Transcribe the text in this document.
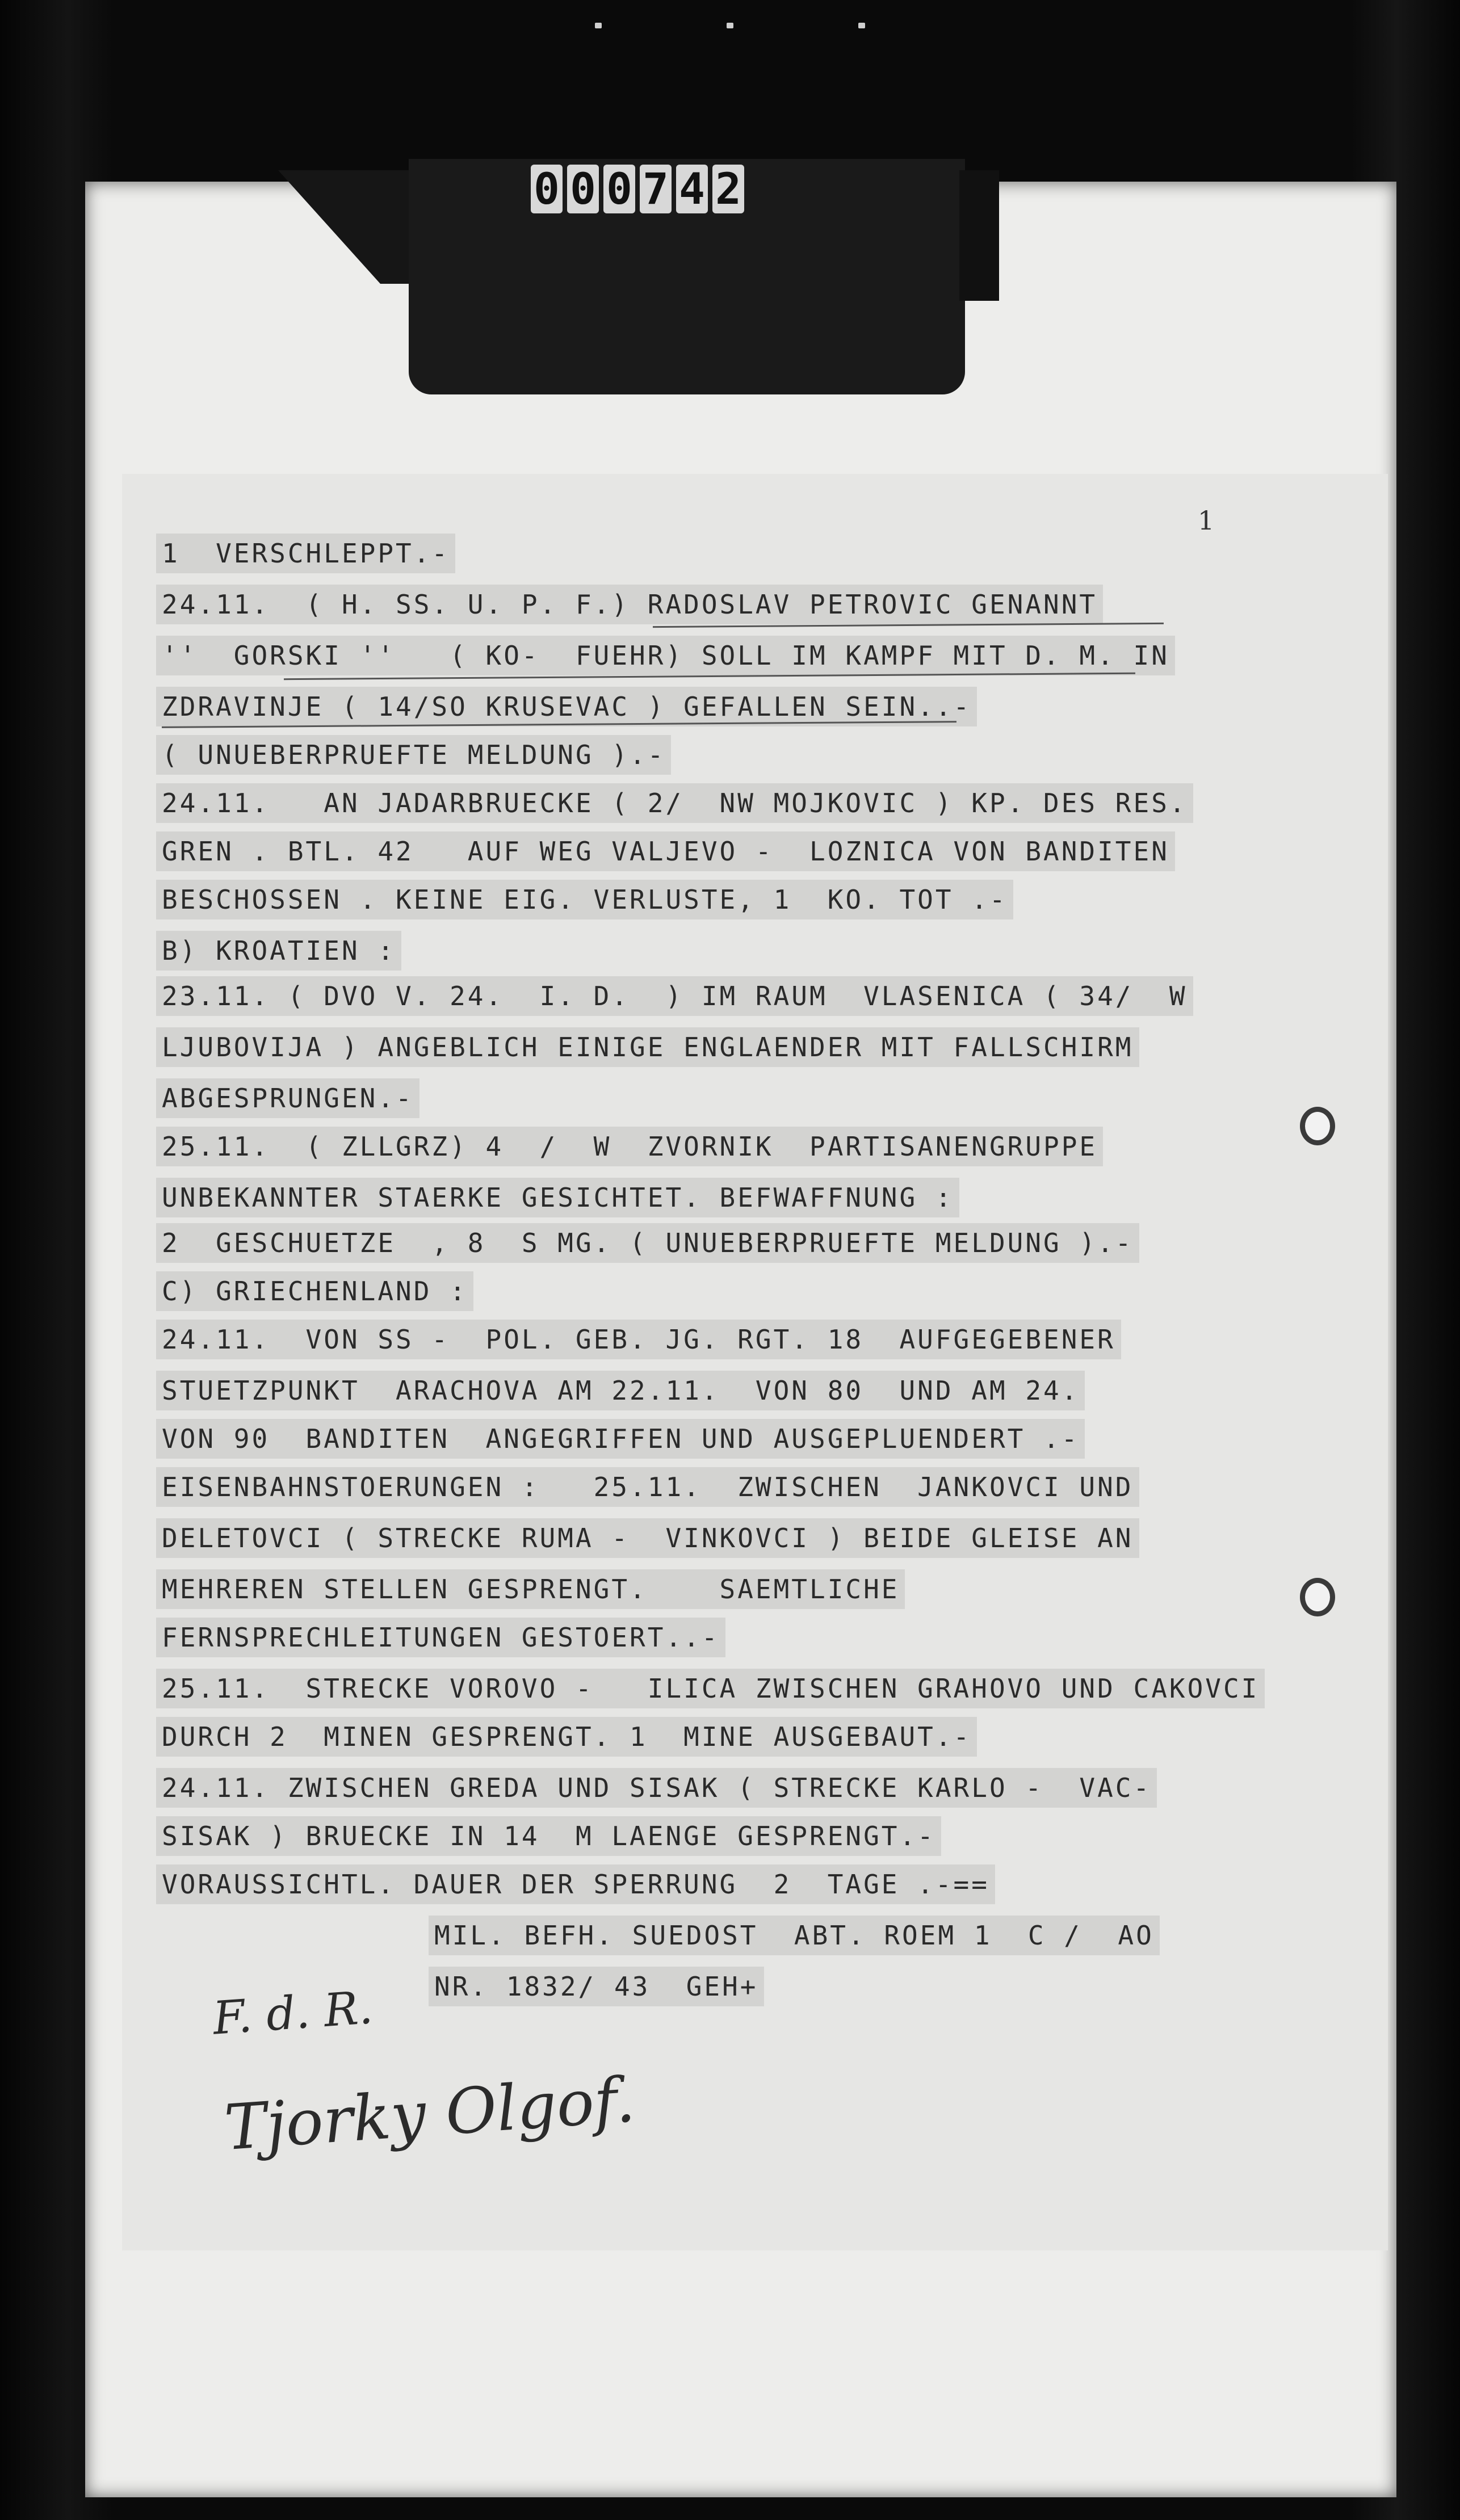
0 0 0 7 4 2
1
1  VERSCHLEPPT.-
24.11.  ( H. SS. U. P. F.) RADOSLAV PETROVIC GENANNT
''  GORSKI ''   ( KO-  FUEHR) SOLL IM KAMPF MIT D. M. IN
ZDRAVINJE ( 14/SO KRUSEVAC ) GEFALLEN SEIN..-
( UNUEBERPRUEFTE MELDUNG ).-
24.11.   AN JADARBRUECKE ( 2/  NW MOJKOVIC ) KP. DES RES.
GREN . BTL. 42   AUF WEG VALJEVO -  LOZNICA VON BANDITEN
BESCHOSSEN . KEINE EIG. VERLUSTE, 1  KO. TOT .-
B) KROATIEN :
23.11. ( DVO V. 24.  I. D.  ) IM RAUM  VLASENICA ( 34/  W
LJUBOVIJA ) ANGEBLICH EINIGE ENGLAENDER MIT FALLSCHIRM
ABGESPRUNGEN.-
25.11.  ( ZLLGRZ) 4  /  W  ZVORNIK  PARTISANENGRUPPE
UNBEKANNTER STAERKE GESICHTET. BEFWAFFNUNG :
2  GESCHUETZE  , 8  S MG. ( UNUEBERPRUEFTE MELDUNG ).-
C) GRIECHENLAND :
24.11.  VON SS -  POL. GEB. JG. RGT. 18  AUFGEGEBENER
STUETZPUNKT  ARACHOVA AM 22.11.  VON 80  UND AM 24.
VON 90  BANDITEN  ANGEGRIFFEN UND AUSGEPLUENDERT .-
EISENBAHNSTOERUNGEN :   25.11.  ZWISCHEN  JANKOVCI UND
DELETOVCI ( STRECKE RUMA -  VINKOVCI ) BEIDE GLEISE AN
MEHREREN STELLEN GESPRENGT.    SAEMTLICHE
FERNSPRECHLEITUNGEN GESTOERT..-
25.11.  STRECKE VOROVO -   ILICA ZWISCHEN GRAHOVO UND CAKOVCI
DURCH 2  MINEN GESPRENGT. 1  MINE AUSGEBAUT.-
24.11. ZWISCHEN GREDA UND SISAK ( STRECKE KARLO -  VAC-
SISAK ) BRUECKE IN 14  M LAENGE GESPRENGT.-
VORAUSSICHTL. DAUER DER SPERRUNG  2  TAGE .-==
MIL. BEFH. SUEDOST  ABT. ROEM 1  C /  AO
NR. 1832/ 43  GEH+
F. d. R.
Tjorky Olgof.
